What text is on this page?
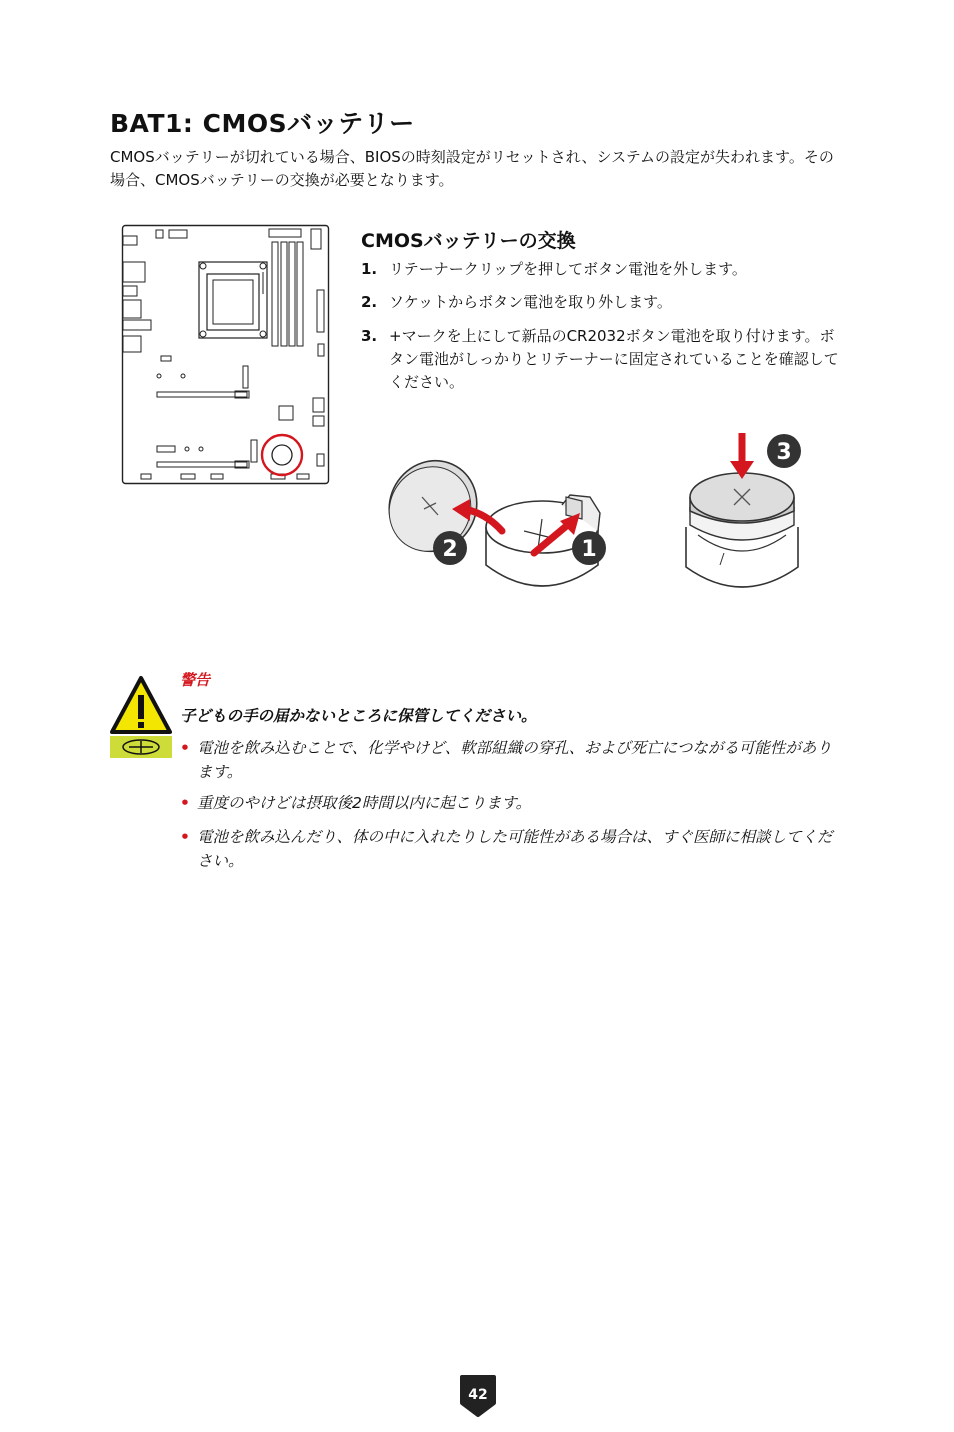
BAT1: CMOSバッテリー
CMOSバッテリーが切れている場合、BIOSの時刻設定がリセットされ、システムの設定が失われます。その場合、CMOSバッテリーの交換が必要となります。
CMOSバッテリーの交換
1. リテーナークリップを押してボタン電池を外します。
2. ソケットからボタン電池を取り外します。
3. +マークを上にして新品のCR2032ボタン電池を取り付けます。ボタン電池がしっかりとリテーナーに固定されていることを確認してください。
2	1
3
警告
子どもの手の届かないところに保管してください。
• 電池を飲み込むことで、化学やけど、軟部組織の穿孔、および死亡につながる可能性があります。
• 重度のやけどは摂取後2時間以内に起こります。
• 電池を飲み込んだり、体の中に入れたりした可能性がある場合は、すぐ医師に相談してください。
42
